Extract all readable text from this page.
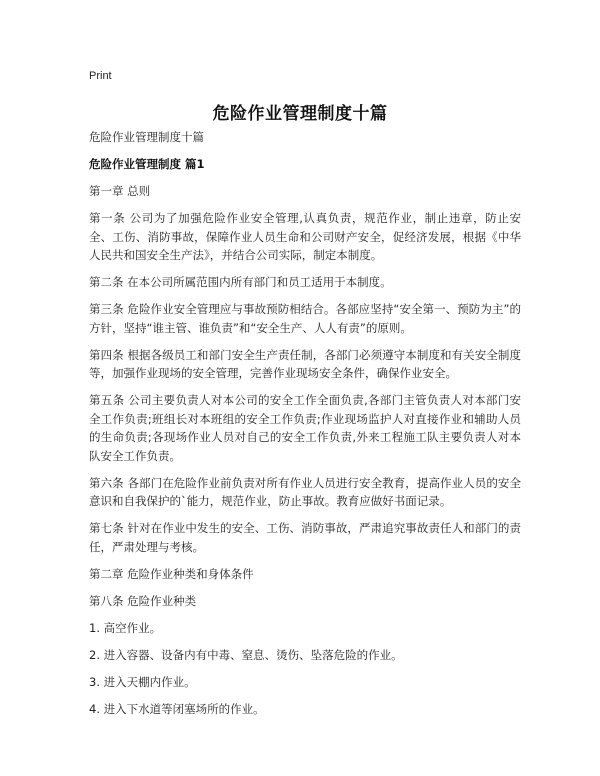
Print
危险作业管理制度十篇
危险作业管理制度十篇
危险作业管理制度 篇1
第一章 总则
第一条 公司为了加强危险作业安全管理,认真负责，规范作业，制止违章，防止安全、工伤、消防事故，保障作业人员生命和公司财产安全，促经济发展，根据《中华人民共和国安全生产法》，并结合公司实际，制定本制度。
第二条 在本公司所属范围内所有部门和员工适用于本制度。
第三条 危险作业安全管理应与事故预防相结合。各部应坚持“安全第一、预防为主”的方针，坚持“谁主管、谁负责”和“安全生产、人人有责”的原则。
第四条 根据各级员工和部门安全生产责任制，各部门必须遵守本制度和有关安全制度等，加强作业现场的安全管理，完善作业现场安全条件，确保作业安全。
第五条 公司主要负责人对本公司的安全工作全面负责,各部门主管负责人对本部门安全工作负责;班组长对本班组的安全工作负责;作业现场监护人对直接作业和辅助人员的生命负责;各现场作业人员对自己的安全工作负责,外来工程施工队主要负责人对本队安全工作负责。
第六条 各部门在危险作业前负责对所有作业人员进行安全教育，提高作业人员的安全意识和自我保护的`能力，规范作业，防止事故。教育应做好书面记录。
第七条 针对在作业中发生的安全、工伤、消防事故，严肃追究事故责任人和部门的责任，严肃处理与考核。
第二章 危险作业种类和身体条件
第八条 危险作业种类
1. 高空作业。
2. 进入容器、设备内有中毒、窒息、烫伤、坠落危险的作业。
3. 进入天棚内作业。
4. 进入下水道等闭塞场所的作业。
